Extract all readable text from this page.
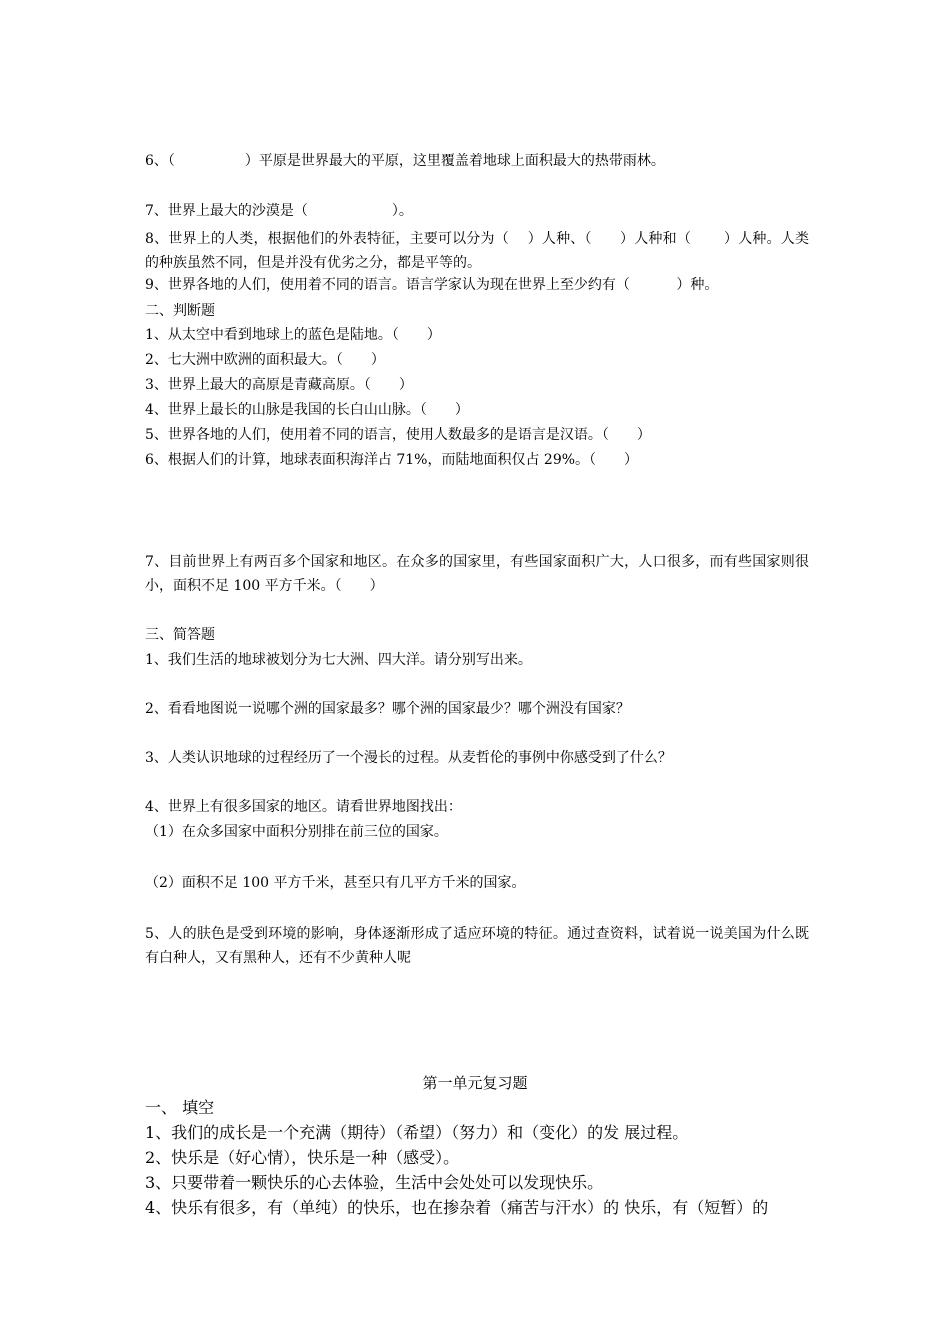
6、（　　　　　）平原是世界最大的平原，这里覆盖着地球上面积最大的热带雨林。
7、世界上最大的沙漠是（　　　　　　）。
8、世界上的人类，根据他们的外表特征，主要可以分为（　 ）人种、（　　）人种和（　　 ）人种。人类的种族虽然不同，但是并没有优劣之分，都是平等的。
9、世界各地的人们，使用着不同的语言。语言学家认为现在世界上至少约有（　　　 ）种。
二、判断题
1、从太空中看到地球上的蓝色是陆地。（　　）
2、七大洲中欧洲的面积最大。（　　）
3、世界上最大的高原是青藏高原。（　　）
4、世界上最长的山脉是我国的长白山山脉。（　　）
5、世界各地的人们，使用着不同的语言，使用人数最多的是语言是汉语。（　　）
6、根据人们的计算，地球表面积海洋占 71%，而陆地面积仅占 29%。（　　）
7、目前世界上有两百多个国家和地区。在众多的国家里，有些国家面积广大，人口很多，而有些国家则很小，面积不足 100 平方千米。（　　）
三、简答题
1、我们生活的地球被划分为七大洲、四大洋。请分别写出来。
2、看看地图说一说哪个洲的国家最多？哪个洲的国家最少？哪个洲没有国家？
3、人类认识地球的过程经历了一个漫长的过程。从麦哲伦的事例中你感受到了什么？
4、世界上有很多国家的地区。请看世界地图找出：
（1）在众多国家中面积分别排在前三位的国家。
（2）面积不足 100 平方千米，甚至只有几平方千米的国家。
5、人的肤色是受到环境的影响，身体逐渐形成了适应环境的特征。通过查资料，试着说一说美国为什么既有白种人，又有黑种人，还有不少黄种人呢
第一单元复习题
一、 填空
1、我们的成长是一个充满（期待）（希望）（努力）和（变化）的发 展过程。
2、快乐是（好心情），快乐是一种（感受）。
3、只要带着一颗快乐的心去体验，生活中会处处可以发现快乐。
4、快乐有很多，有（单纯）的快乐，也在掺杂着（痛苦与汗水）的 快乐，有（短暂）的
